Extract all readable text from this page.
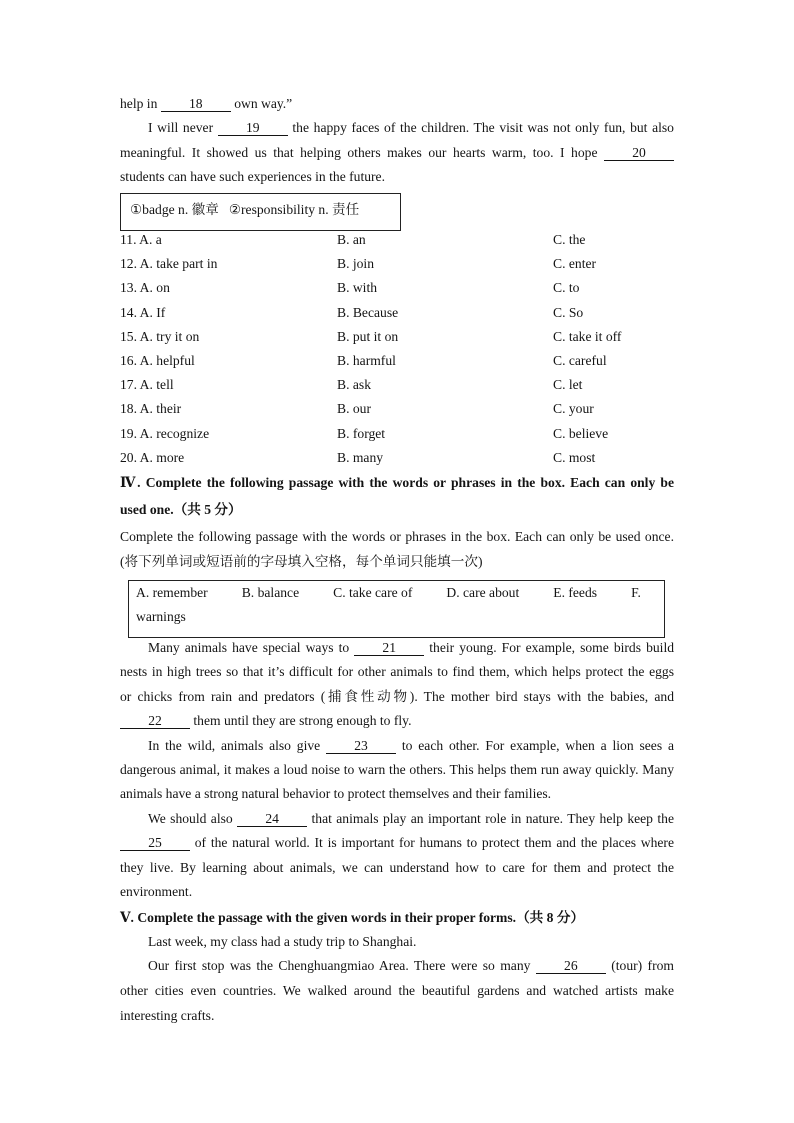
help in 18 own way.”
I will never 19 the happy faces of the children. The visit was not only fun, but also
meaningful. It showed us that helping others makes our hearts warm, too. I hope	20
students can have such experiences in the future.
①badge n. 徽章 ②responsibility n. 责任
11. A. a	B. an	C. the
12. A. take part in	B. join	C. enter
13. A. on	B. with	C. to
14. A. If	B. Because	C. So
15. A. try it on	B. put it on	C. take it off
16. A. helpful	B. harmful	C. careful
17. A. tell	B. ask	C. let
18. A. their	B. our	C. your
19. A. recognize	B. forget	C. believe
20. A. more	B. many	C. most
Ⅳ. Complete the following passage with the words or phrases in the box. Each can only be
used one.（共 5 分）
Complete the following passage with the words or phrases in the box. Each can only be used once.
(将下列单词或短语前的字母填入空格，每个单词只能填一次)
A. remember	B. balance	C. take care of	D. care about	E. feeds	F.
warnings
Many animals have special ways to 21 their young. For example, some birds build
nests in high trees so that it’s difficult for other animals to find them, which helps protect the eggs
or chicks from rain and predators (捕食性动物). The mother bird stays with the babies, and
22 them until they are strong enough to fly.
In the wild, animals also give	23	to each other. For example, when a lion sees a
dangerous animal, it makes a loud noise to warn the others. This helps them run away quickly. Many
animals have a strong natural behavior to protect themselves and their families.
We should also 24 that animals play an important role in nature. They help keep the
25 of the natural world. It is important for humans to protect them and the places where
they live. By learning about animals, we can understand how to care for them and protect the
environment.
Ⅴ. Complete the passage with the given words in their proper forms.（共 8 分）
Last week, my class had a study trip to Shanghai.
Our first stop was the Chenghuangmiao Area. There were so many 26 (tour) from
other cities even countries. We walked around the beautiful gardens and watched artists make
interesting crafts.
